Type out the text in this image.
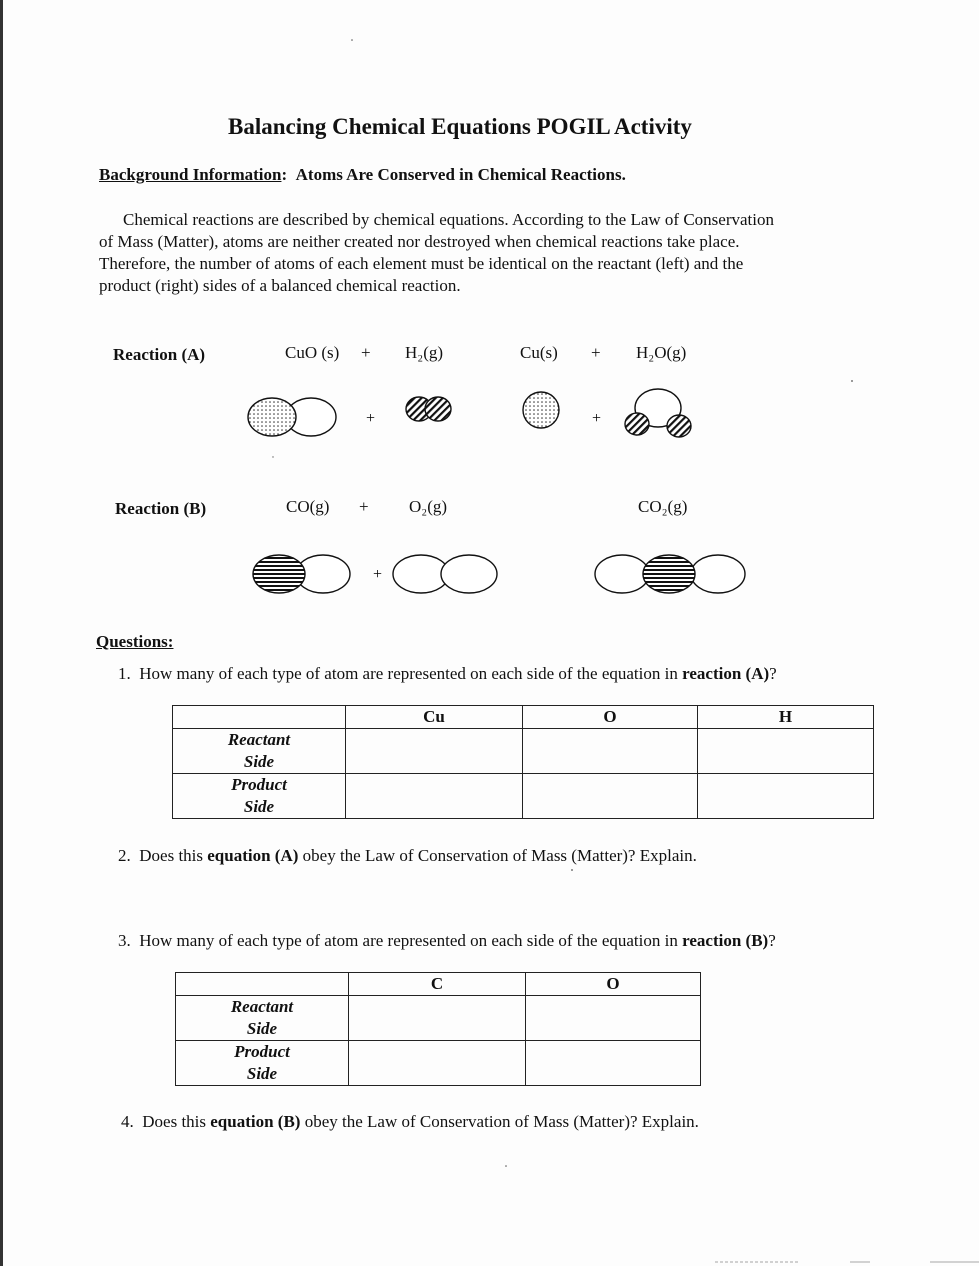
Balancing Chemical Equations POGIL Activity
Background Information: Atoms Are Conserved in Chemical Reactions.
Chemical reactions are described by chemical equations. According to the Law of Conservation
of Mass (Matter), atoms are neither created nor destroyed when chemical reactions take place.
Therefore, the number of atoms of each element must be identical on the reactant (left) and the
product (right) sides of a balanced chemical reaction.
Reaction (A)	CuO (s) + H₂(g)	Cu(s) + H₂O(g)
+	+
Reaction (B)	CO(g) + O₂(g)	CO₂(g)
+
Questions:
1. How many of each type of atom are represented on each side of the equation in reaction (A)?
	Cu	O	H
Reactant
Side			
Product
Side			
2. Does this equation (A) obey the Law of Conservation of Mass (Matter)? Explain.
3. How many of each type of atom are represented on each side of the equation in reaction (B)?
	C	O
Reactant
Side		
Product
Side		
4. Does this equation (B) obey the Law of Conservation of Mass (Matter)? Explain.
